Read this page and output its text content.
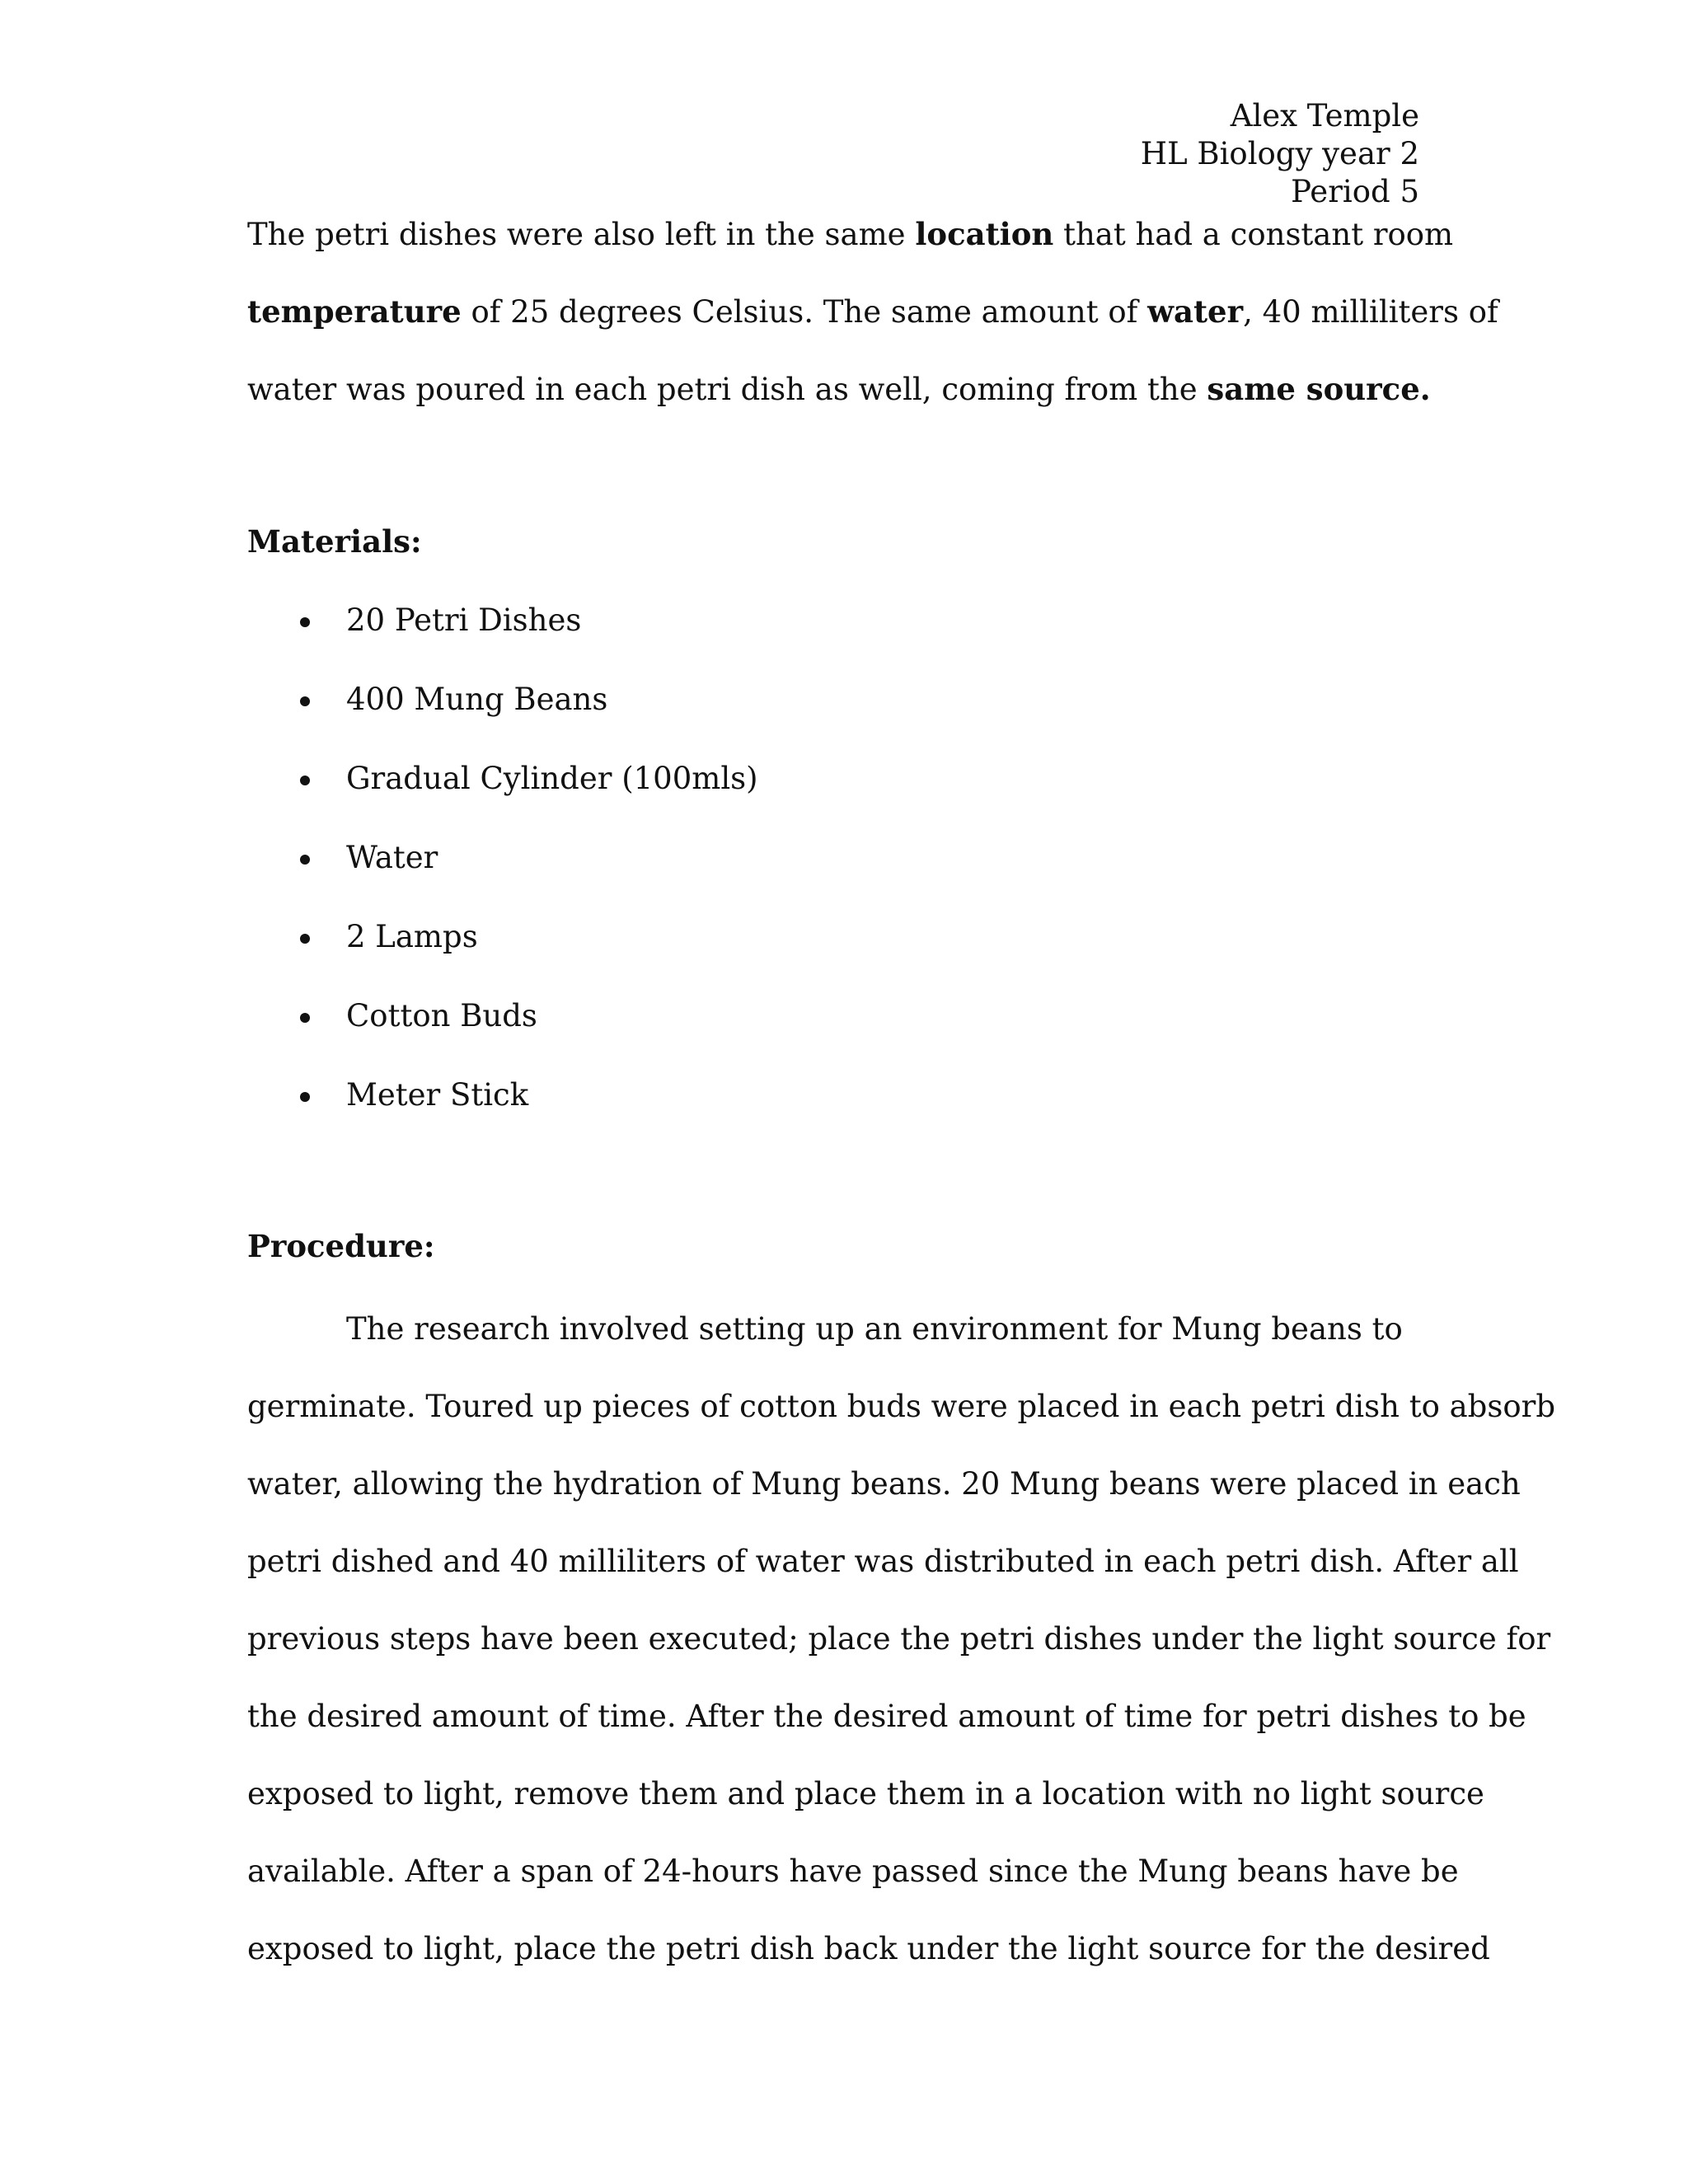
Alex Temple
HL Biology year 2
Period 5
The petri dishes were also left in the same location that had a constant room
temperature of 25 degrees Celsius. The same amount of water, 40 milliliters of
water was poured in each petri dish as well, coming from the same source.
Materials:
20 Petri Dishes
400 Mung Beans
Gradual Cylinder (100mls)
Water
2 Lamps
Cotton Buds
Meter Stick
Procedure:
The research involved setting up an environment for Mung beans to
germinate. Toured up pieces of cotton buds were placed in each petri dish to absorb
water, allowing the hydration of Mung beans. 20 Mung beans were placed in each
petri dished and 40 milliliters of water was distributed in each petri dish. After all
previous steps have been executed; place the petri dishes under the light source for
the desired amount of time. After the desired amount of time for petri dishes to be
exposed to light, remove them and place them in a location with no light source
available. After a span of 24-hours have passed since the Mung beans have be
exposed to light, place the petri dish back under the light source for the desired
